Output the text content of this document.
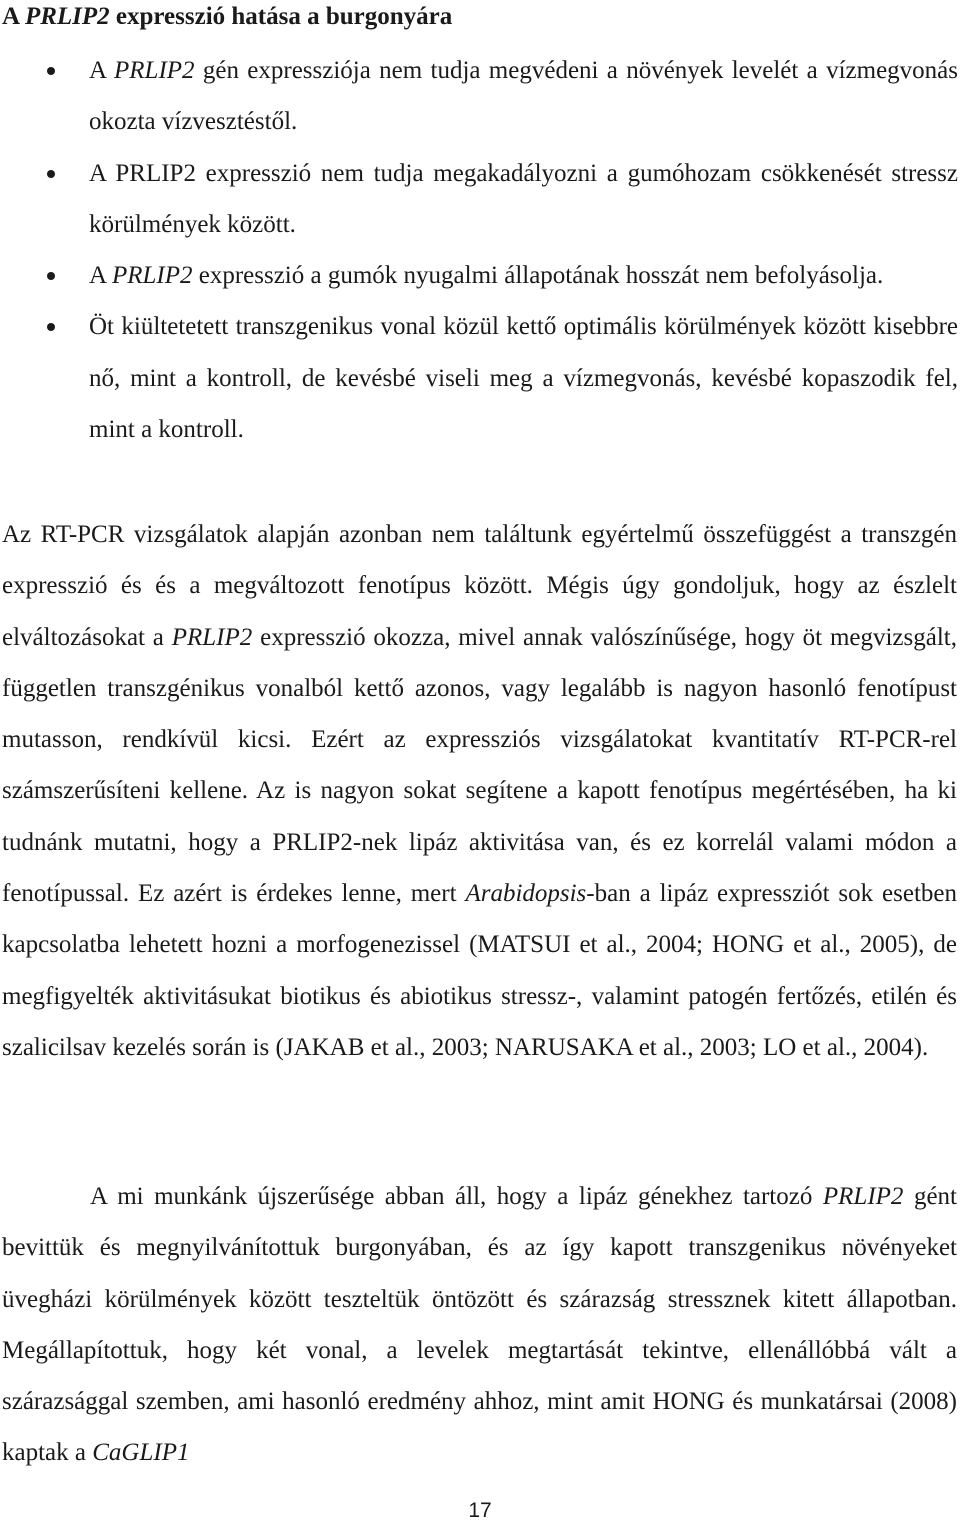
A PRLIP2 expresszió hatása a burgonyára
A PRLIP2 gén expressziója nem tudja megvédeni a növények levelét a vízmegvonás okozta vízvesztéstől.
A PRLIP2 expresszió nem tudja megakadályozni a gumóhozam csökkenését stressz körülmények között.
A PRLIP2 expresszió a gumók nyugalmi állapotának hosszát nem befolyásolja.
Öt kiültetetett transzgenikus vonal közül kettő optimális körülmények között kisebbre nő, mint a kontroll, de kevésbé viseli meg a vízmegvonás, kevésbé kopaszodik fel, mint a kontroll.

Az RT-PCR vizsgálatok alapján azonban nem találtunk egyértelmű összefüggést a transzgén expresszió és és a megváltozott fenotípus között. Mégis úgy gondoljuk, hogy az észlelt elváltozásokat a PRLIP2 expresszió okozza, mivel annak valószínűsége, hogy öt megvizsgált, független transzgénikus vonalból kettő azonos, vagy legalább is nagyon hasonló fenotípust mutasson, rendkívül kicsi. Ezért az expressziós vizsgálatokat kvantitatív RT-PCR-rel számszerűsíteni kellene. Az is nagyon sokat segítene a kapott fenotípus megértésében, ha ki tudnánk mutatni, hogy a PRLIP2-nek lipáz aktivitása van, és ez korrelál valami módon a fenotípussal. Ez azért is érdekes lenne, mert Arabidopsis-ban a lipáz expressziót sok esetben kapcsolatba lehetett hozni a morfogenezissel (MATSUI et al., 2004; HONG et al., 2005), de megfigyelték aktivitásukat biotikus és abiotikus stressz-, valamint patogén fertőzés, etilén és szalicilsav kezelés során is (JAKAB et al., 2003; NARUSAKA et al., 2003; LO et al., 2004).

A mi munkánk újszerűsége abban áll, hogy a lipáz génekhez tartozó PRLIP2 gént bevittük és megnyilvánítottuk burgonyában, és az így kapott transzgenikus növényeket üvegházi körülmények között teszteltük öntözött és szárazság stressznek kitett állapotban. Megállapítottuk, hogy két vonal, a levelek megtartását tekintve, ellenállóbbá vált a szárazsággal szemben, ami hasonló eredmény ahhoz, mint amit HONG és munkatársai (2008) kaptak a CaGLIP1

17
